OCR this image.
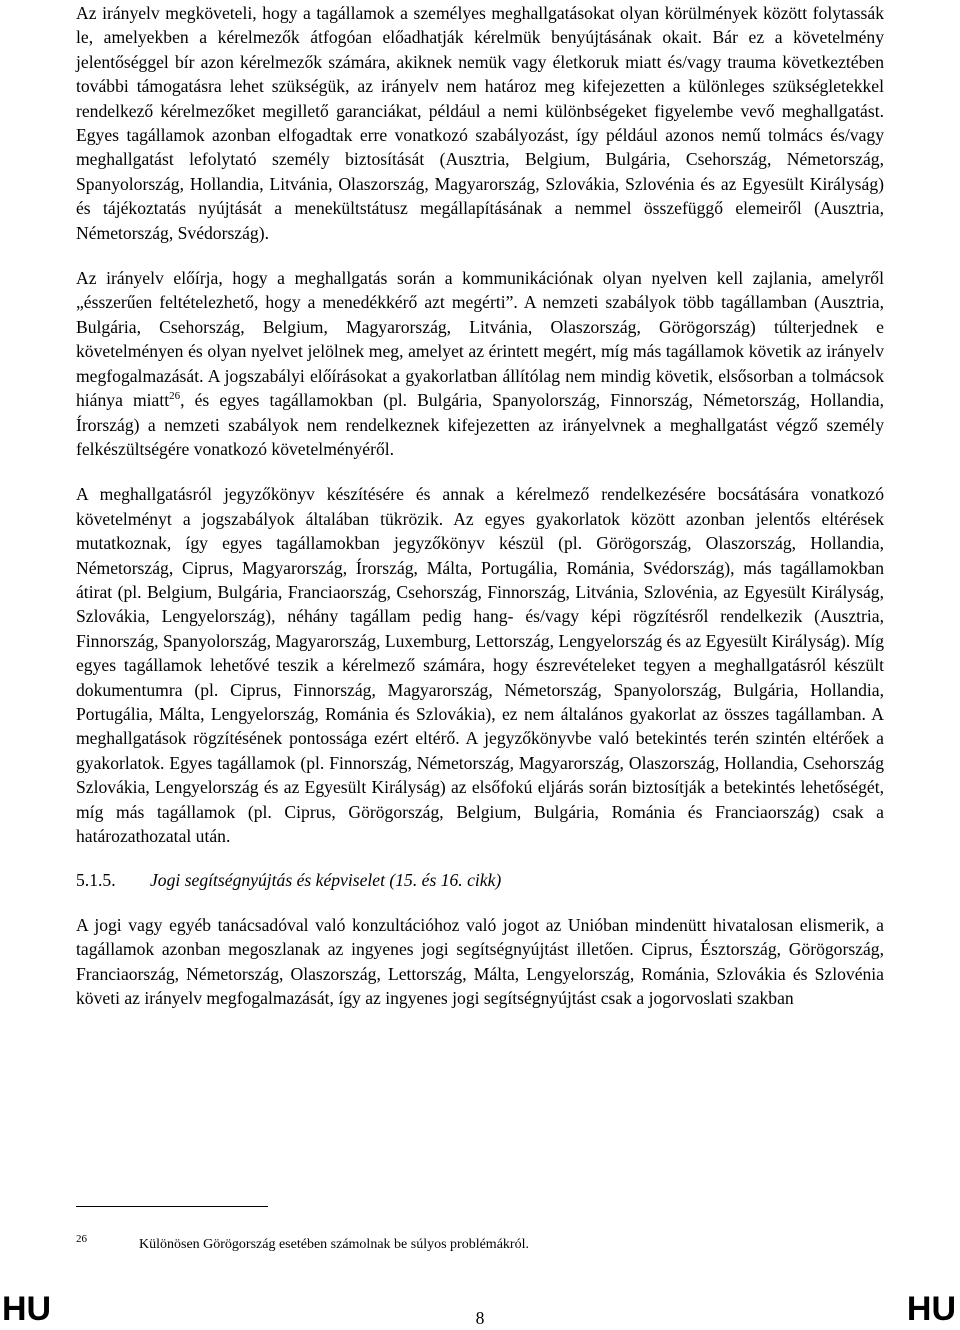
Az irányelv megköveteli, hogy a tagállamok a személyes meghallgatásokat olyan körülmények között folytassák le, amelyekben a kérelmezők átfogóan előadhatják kérelmük benyújtásának okait. Bár ez a követelmény jelentőséggel bír azon kérelmezők számára, akiknek nemük vagy életkoruk miatt és/vagy trauma következtében további támogatásra lehet szükségük, az irányelv nem határoz meg kifejezetten a különleges szükségletekkel rendelkező kérelmezőket megillető garanciákat, például a nemi különbségeket figyelembe vevő meghallgatást. Egyes tagállamok azonban elfogadtak erre vonatkozó szabályozást, így például azonos nemű tolmács és/vagy meghallgatást lefolytató személy biztosítását (Ausztria, Belgium, Bulgária, Csehország, Németország, Spanyolország, Hollandia, Litvánia, Olaszország, Magyarország, Szlovákia, Szlovénia és az Egyesült Királyság) és tájékoztatás nyújtását a menekültstátusz megállapításának a nemmel összefüggő elemeiről (Ausztria, Németország, Svédország).

Az irányelv előírja, hogy a meghallgatás során a kommunikációnak olyan nyelven kell zajlania, amelyről „ésszerűen feltételezhető, hogy a menedékkérő azt megérti”. A nemzeti szabályok több tagállamban (Ausztria, Bulgária, Csehország, Belgium, Magyarország, Litvánia, Olaszország, Görögország) túlterjednek e követelményen és olyan nyelvet jelölnek meg, amelyet az érintett megért, míg más tagállamok követik az irányelv megfogalmazását. A jogszabályi előírásokat a gyakorlatban állítólag nem mindig követik, elsősorban a tolmácsok hiánya miatt$^{26}$, és egyes tagállamokban (pl. Bulgária, Spanyolország, Finnország, Németország, Hollandia, Írország) a nemzeti szabályok nem rendelkeznek kifejezetten az irányelvnek a meghallgatást végző személy felkészültségére vonatkozó követelményéről.

A meghallgatásról jegyzőkönyv készítésére és annak a kérelmező rendelkezésére bocsátására vonatkozó követelményt a jogszabályok általában tükrözik. Az egyes gyakorlatok között azonban jelentős eltérések mutatkoznak, így egyes tagállamokban jegyzőkönyv készül (pl. Görögország, Olaszország, Hollandia, Németország, Ciprus, Magyarország, Írország, Málta, Portugália, Románia, Svédország), más tagállamokban átirat (pl. Belgium, Bulgária, Franciaország, Csehország, Finnország, Litvánia, Szlovénia, az Egyesült Királyság, Szlovákia, Lengyelország), néhány tagállam pedig hang- és/vagy képi rögzítésről rendelkezik (Ausztria, Finnország, Spanyolország, Magyarország, Luxemburg, Lettország, Lengyelország és az Egyesült Királyság). Míg egyes tagállamok lehetővé teszik a kérelmező számára, hogy észrevételeket tegyen a meghallgatásról készült dokumentumra (pl. Ciprus, Finnország, Magyarország, Németország, Spanyolország, Bulgária, Hollandia, Portugália, Málta, Lengyelország, Románia és Szlovákia), ez nem általános gyakorlat az összes tagállamban. A meghallgatások rögzítésének pontossága ezért eltérő. A jegyzőkönyvbe való betekintés terén szintén eltérőek a gyakorlatok. Egyes tagállamok (pl. Finnország, Németország, Magyarország, Olaszország, Hollandia, Csehország Szlovákia, Lengyelország és az Egyesült Királyság) az elsőfokú eljárás során biztosítják a betekintés lehetőségét, míg más tagállamok (pl. Ciprus, Görögország, Belgium, Bulgária, Románia és Franciaország) csak a határozathozatal után.

5.1.5.	Jogi segítségnyújtás és képviselet (15. és 16. cikk)

A jogi vagy egyéb tanácsadóval való konzultációhoz való jogot az Unióban mindenütt hivatalosan elismerik, a tagállamok azonban megoszlanak az ingyenes jogi segítségnyújtást illetően. Ciprus, Észtország, Görögország, Franciaország, Németország, Olaszország, Lettország, Málta, Lengyelország, Románia, Szlovákia és Szlovénia követi az irányelv megfogalmazását, így az ingyenes jogi segítségnyújtást csak a jogorvoslati szakban

26	Különösen Görögország esetében számolnak be súlyos problémákról.
HU	8	HU
